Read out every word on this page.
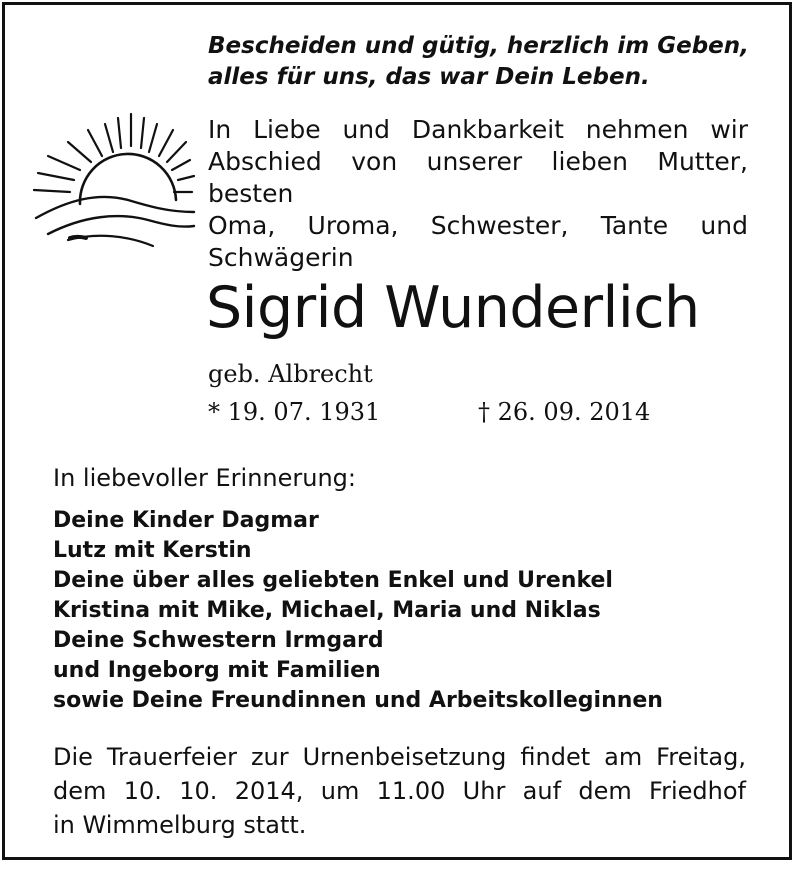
Bescheiden und gütig, herzlich im Geben,
alles für uns, das war Dein Leben.
In Liebe und Dankbarkeit nehmen wir
Abschied von unserer lieben Mutter, besten
Oma, Uroma, Schwester, Tante und
Schwägerin
Sigrid Wunderlich
geb. Albrecht
* 19. 07. 1931	† 26. 09. 2014
In liebevoller Erinnerung:
Deine Kinder Dagmar
Lutz mit Kerstin
Deine über alles geliebten Enkel und Urenkel
Kristina mit Mike, Michael, Maria und Niklas
Deine Schwestern Irmgard
und Ingeborg mit Familien
sowie Deine Freundinnen und Arbeitskolleginnen
Die Trauerfeier zur Urnenbeisetzung findet am Freitag,
dem 10. 10. 2014, um 11.00 Uhr auf dem Friedhof
in Wimmelburg statt.
